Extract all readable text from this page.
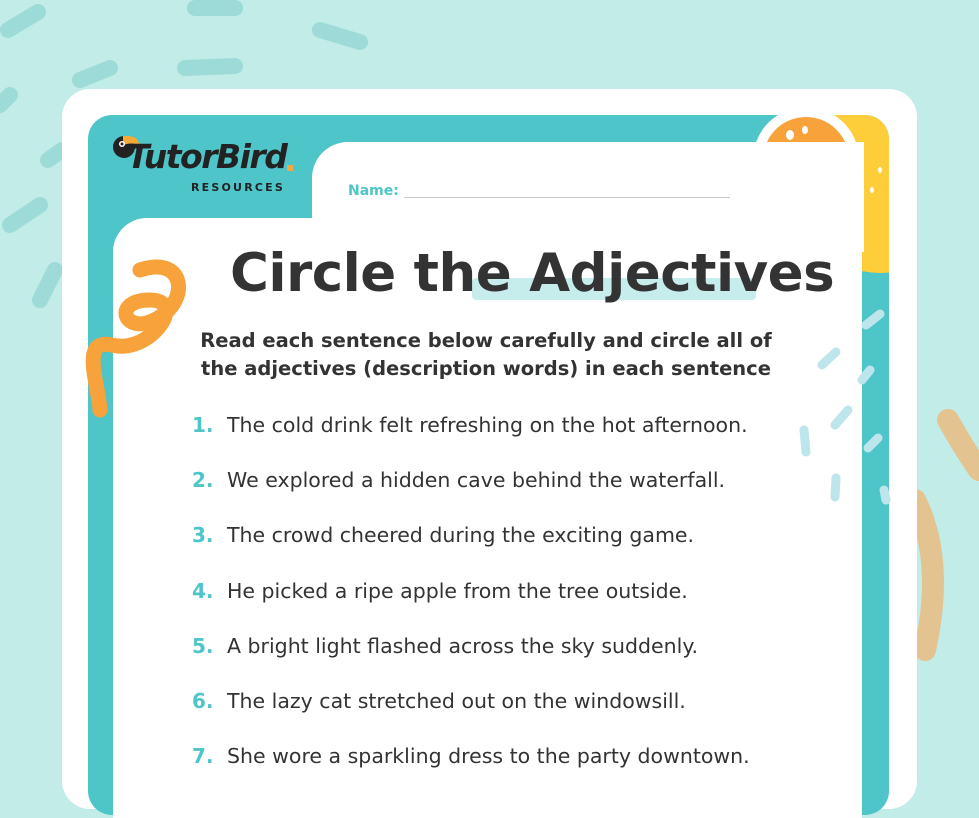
TutorBird
RESOURCES	Name:
Circle the Adjectives
Read each sentence below carefully and circle all of
the adjectives (description words) in each sentence
1. The cold drink felt refreshing on the hot afternoon.
2. We explored a hidden cave behind the waterfall.
3. The crowd cheered during the exciting game.
4. He picked a ripe apple from the tree outside.
5. A bright light flashed across the sky suddenly.
6. The lazy cat stretched out on the windowsill.
7. She wore a sparkling dress to the party downtown.
